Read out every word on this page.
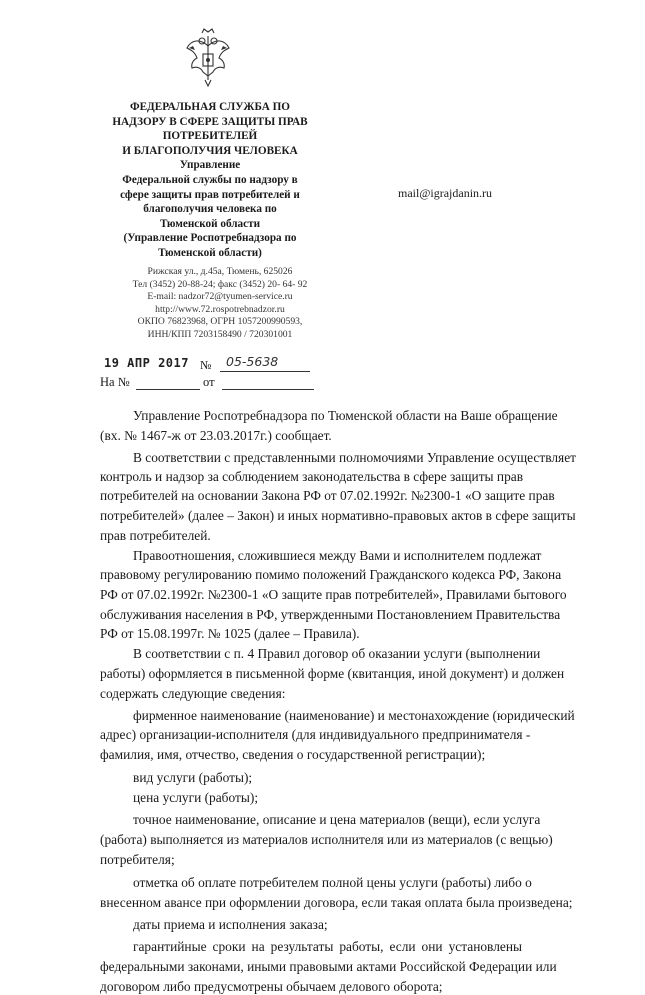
ФЕДЕРАЛЬНАЯ СЛУЖБА ПО
НАДЗОРУ В СФЕРЕ ЗАЩИТЫ ПРАВ
ПОТРЕБИТЕЛЕЙ
И БЛАГОПОЛУЧИЯ ЧЕЛОВЕКА
Управление
Федеральной службы по надзору в
сфере защиты прав потребителей и
благополучия человека по
Тюменской области
(Управление Роспотребнадзора по
Тюменской области)
Рижская ул., д.45а, Тюмень, 625026
Тел (3452) 20-88-24; факс (3452) 20- 64- 92
E-mail: nadzor72@tyumen-service.ru
http://www.72.rospotrebnadzor.ru
ОКПО 76823968, ОГРН 1057200990593,
ИНН/КПП 7203158490 / 720301001
mail@igrajdanin.ru
19 АПР 2017 № 05-5638
На №	от
Управление Роспотребнадзора по Тюменской области на Ваше обращение
(вх. № 1467-ж от 23.03.2017г.) сообщает.
В соответствии с представленными полномочиями Управление осуществляет
контроль и надзор за соблюдением законодательства в сфере защиты прав
потребителей на основании Закона РФ от 07.02.1992г. №2300-1 «О защите прав
потребителей» (далее – Закон) и иных нормативно-правовых актов в сфере защиты
прав потребителей.
Правоотношения, сложившиеся между Вами и исполнителем подлежат
правовому регулированию помимо положений Гражданского кодекса РФ, Закона
РФ от 07.02.1992г. №2300-1 «О защите прав потребителей», Правилами бытового
обслуживания населения в РФ, утвержденными Постановлением Правительства
РФ от 15.08.1997г. № 1025 (далее – Правила).
В соответствии с п. 4 Правил договор об оказании услуги (выполнении
работы) оформляется в письменной форме (квитанция, иной документ) и должен
содержать следующие сведения:
фирменное наименование (наименование) и местонахождение (юридический
адрес) организации-исполнителя (для индивидуального предпринимателя -
фамилия, имя, отчество, сведения о государственной регистрации);
вид услуги (работы);
цена услуги (работы);
точное наименование, описание и цена материалов (вещи), если услуга
(работа) выполняется из материалов исполнителя или из материалов (с вещью)
потребителя;
отметка об оплате потребителем полной цены услуги (работы) либо о
внесенном авансе при оформлении договора, если такая оплата была произведена;
даты приема и исполнения заказа;
гарантийные сроки на результаты работы, если они установлены
федеральными законами, иными правовыми актами Российской Федерации или
договором либо предусмотрены обычаем делового оборота;
